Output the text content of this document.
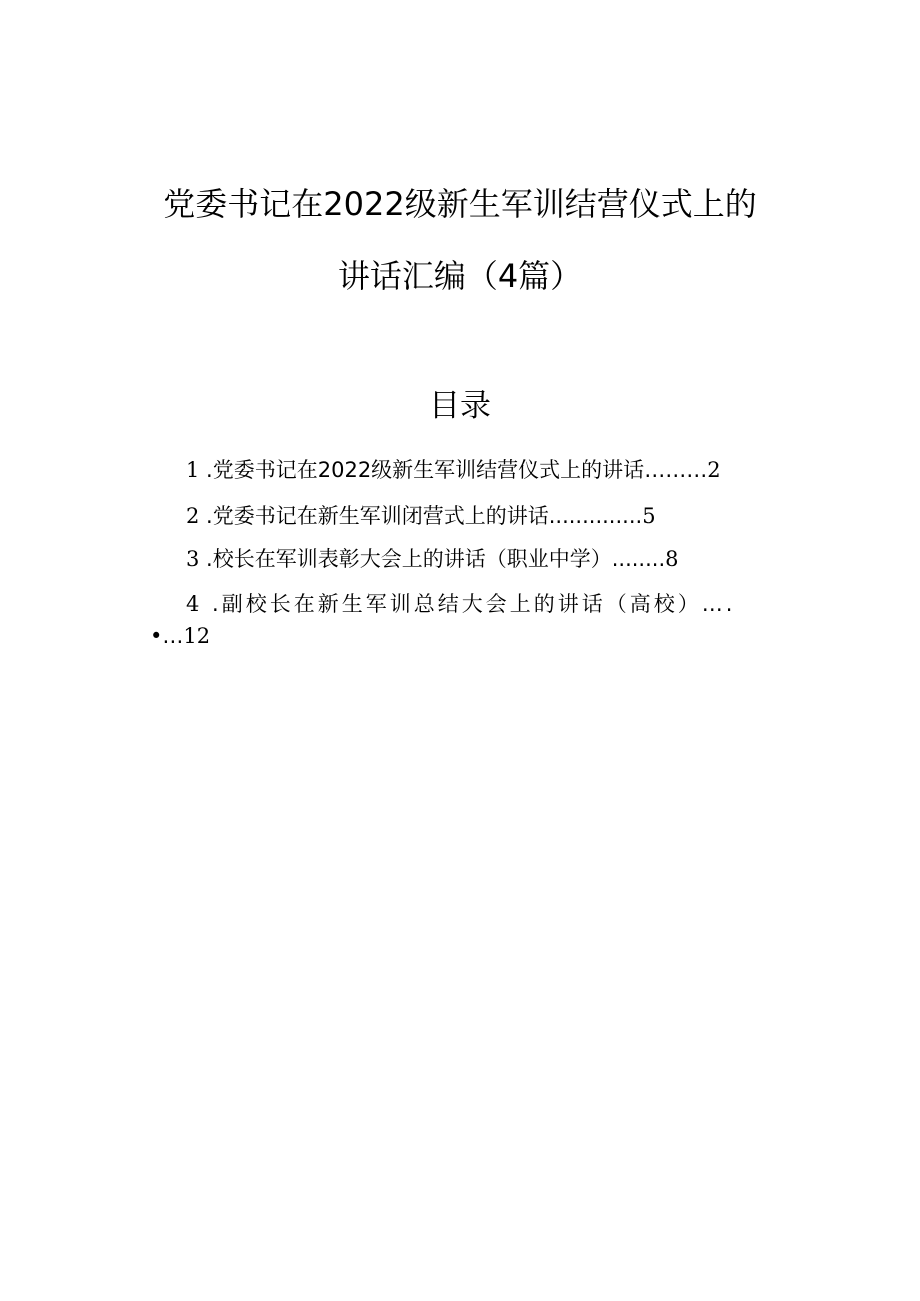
党委书记在2022级新生军训结营仪式上的
讲话汇编（4篇）
目录
1 .党委书记在2022级新生军训结营仪式上的讲话………2
2 .党委书记在新生军训闭营式上的讲话..............5
3 .校长在军训表彰大会上的讲话（职业中学）........8
4 .副校长在新生军训总结大会上的讲话（高校）….
•…12
